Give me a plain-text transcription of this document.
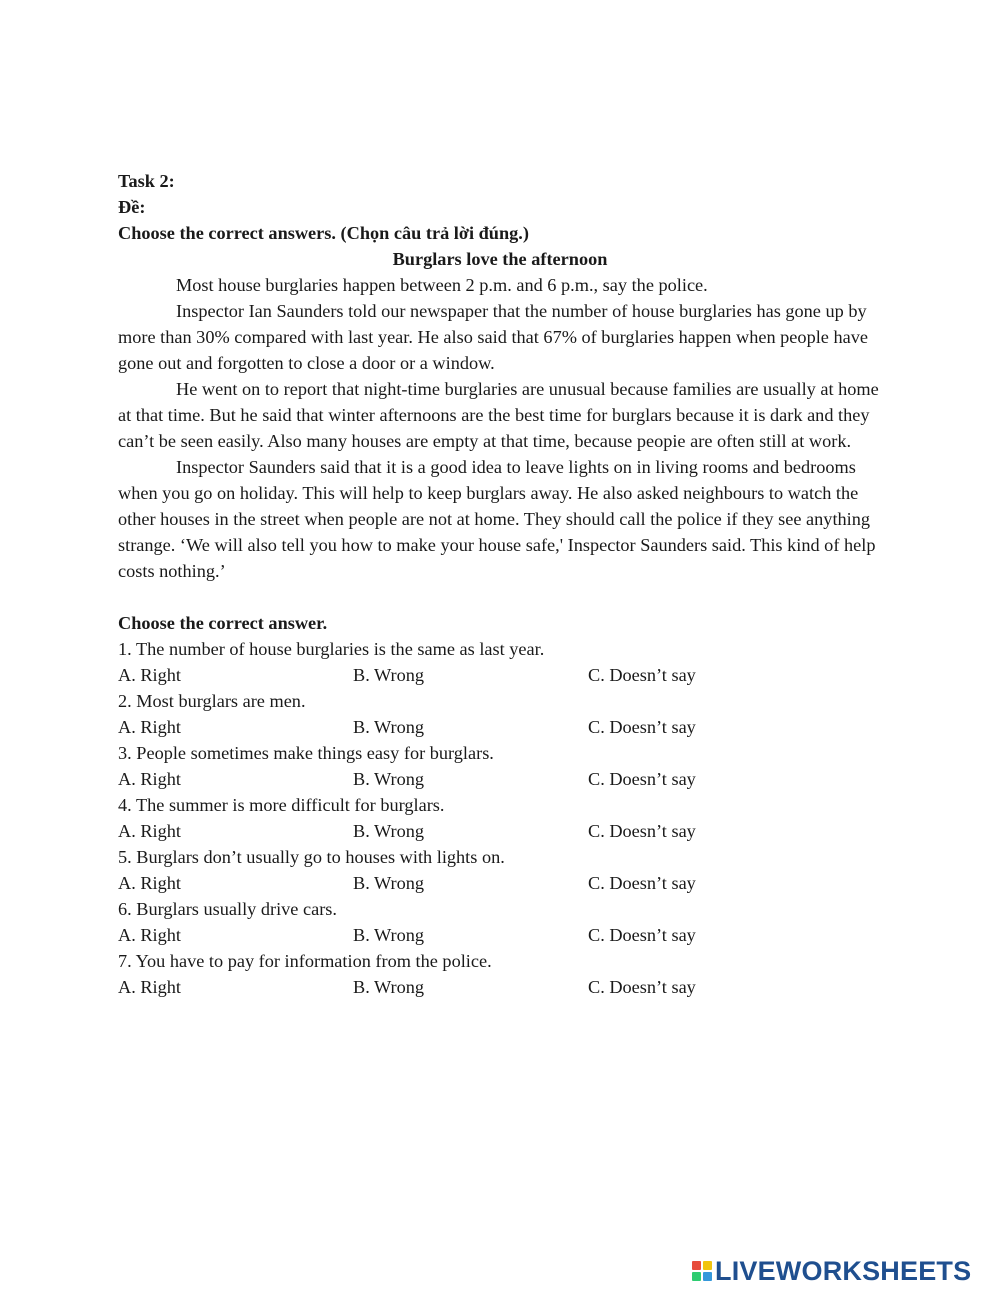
Task 2:
Đề:
Choose the correct answers. (Chọn câu trả lời đúng.)
Burglars love the afternoon
Most house burglaries happen between 2 p.m. and 6 p.m., say the police.
Inspector Ian Saunders told our newspaper that the number of house burglaries has gone up by more than 30% compared with last year. He also said that 67% of burglaries happen when people have gone out and forgotten to close a door or a window.
He went on to report that night-time burglaries are unusual because families are usually at home at that time. But he said that winter afternoons are the best time for burglars because it is dark and they can’t be seen easily. Also many houses are empty at that time, because peopie are often still at work.
Inspector Saunders said that it is a good idea to leave lights on in living rooms and bedrooms when you go on holiday. This will help to keep burglars away. He also asked neighbours to watch the other houses in the street when people are not at home. They should call the police if they see anything strange. ‘We will also tell you how to make your house safe,' Inspector Saunders said. This kind of help costs nothing.’
Choose the correct answer.
1. The number of house burglaries is the same as last year.
A. Right	B. Wrong	C. Doesn’t say
2. Most burglars are men.
A. Right	B. Wrong	C. Doesn’t say
3. People sometimes make things easy for burglars.
A. Right	B. Wrong	C. Doesn’t say
4. The summer is more difficult for burglars.
A. Right	B. Wrong	C. Doesn’t say
5. Burglars don’t usually go to houses with lights on.
A. Right	B. Wrong	C. Doesn’t say
6. Burglars usually drive cars.
A. Right	B. Wrong	C. Doesn’t say
7. You have to pay for information from the police.
A. Right	B. Wrong	C. Doesn’t say
LIVEWORKSHEETS
